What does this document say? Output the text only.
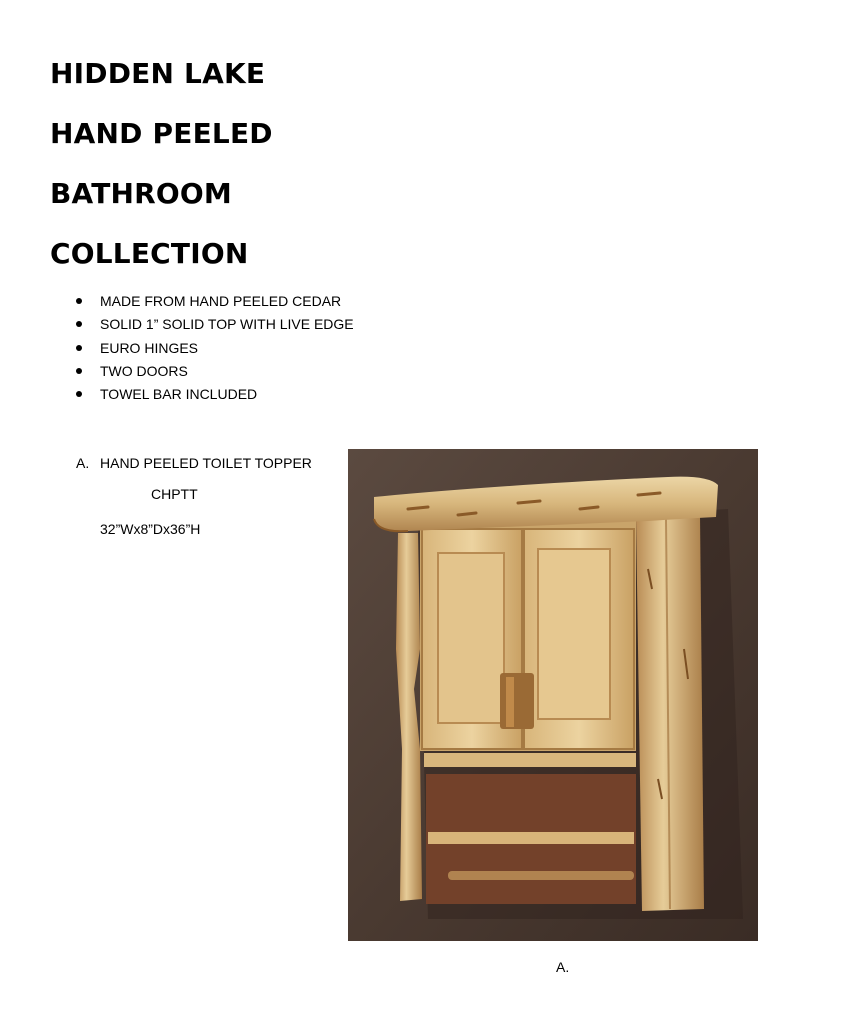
HIDDEN LAKE
HAND PEELED
BATHROOM
COLLECTION
MADE FROM HAND PEELED CEDAR
SOLID 1” SOLID TOP WITH LIVE EDGE
EURO HINGES
TWO DOORS
TOWEL BAR INCLUDED
A. HAND PEELED TOILET TOPPER
CHPTT
32”Wx8”Dx36”H
A.
